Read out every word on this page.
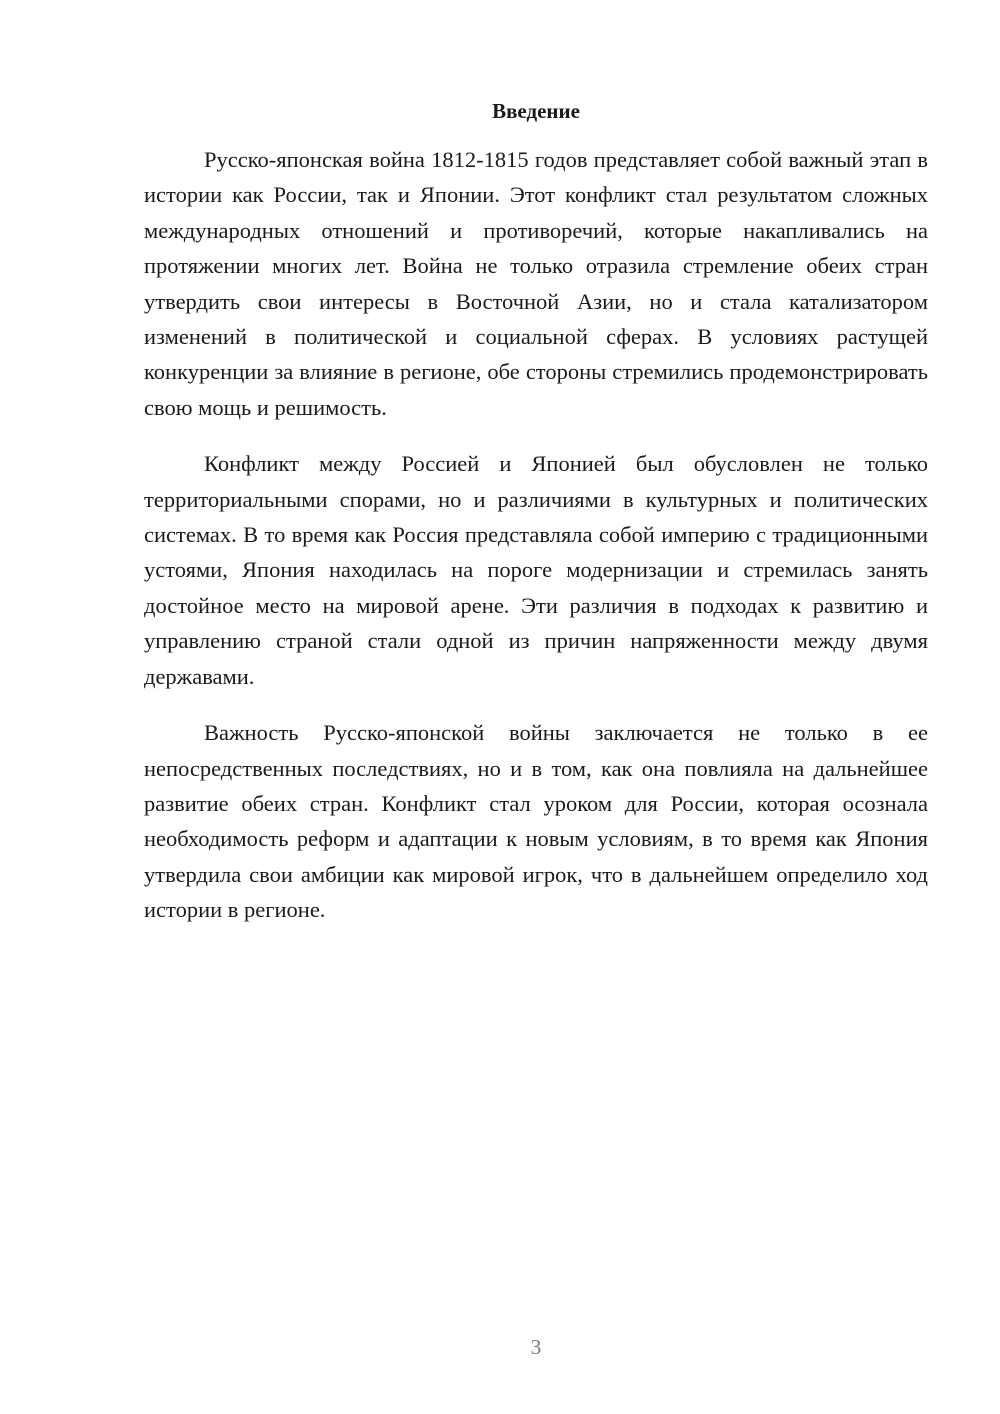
Введение

Русско-японская война 1812-1815 годов представляет собой важный этап в истории как России, так и Японии. Этот конфликт стал результатом сложных международных отношений и противоречий, которые накапливались на протяжении многих лет. Война не только отразила стремление обеих стран утвердить свои интересы в Восточной Азии, но и стала катализатором изменений в политической и социальной сферах. В условиях растущей конкуренции за влияние в регионе, обе стороны стремились продемонстрировать свою мощь и решимость.

Конфликт между Россией и Японией был обусловлен не только территориальными спорами, но и различиями в культурных и политических системах. В то время как Россия представляла собой империю с традиционными устоями, Япония находилась на пороге модернизации и стремилась занять достойное место на мировой арене. Эти различия в подходах к развитию и управлению страной стали одной из причин напряженности между двумя державами.

Важность Русско-японской войны заключается не только в ее непосредственных последствиях, но и в том, как она повлияла на дальнейшее развитие обеих стран. Конфликт стал уроком для России, которая осознала необходимость реформ и адаптации к новым условиям, в то время как Япония утвердила свои амбиции как мировой игрок, что в дальнейшем определило ход истории в регионе.

3
